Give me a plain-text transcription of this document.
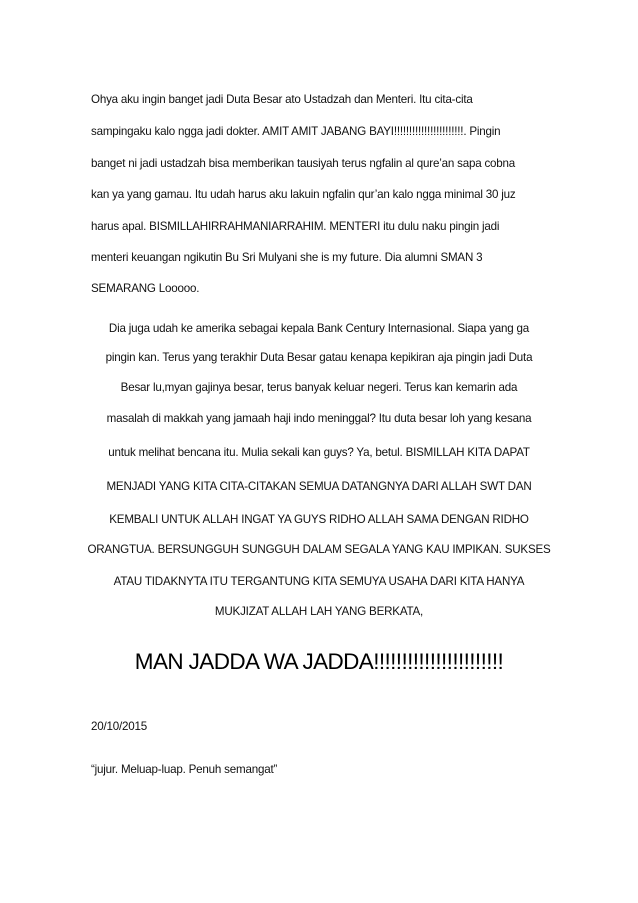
Ohya aku ingin banget jadi Duta Besar ato Ustadzah dan Menteri. Itu cita-cita
sampingaku kalo ngga jadi dokter. AMIT AMIT JABANG BAYI!!!!!!!!!!!!!!!!!!!!!!!. Pingin
banget ni jadi ustadzah bisa memberikan tausiyah terus ngfalin al qure’an sapa cobna
kan ya yang gamau. Itu udah harus aku lakuin ngfalin qur’an kalo ngga minimal 30 juz
harus apal. BISMILLAHIRRAHMANIARRAHIM. MENTERI itu dulu naku pingin jadi
menteri keuangan ngikutin Bu Sri Mulyani she is my future. Dia alumni SMAN 3
SEMARANG Looooo.
Dia juga udah ke amerika sebagai kepala Bank Century Internasional. Siapa yang ga
pingin kan. Terus yang terakhir Duta Besar gatau kenapa kepikiran aja pingin jadi Duta
Besar lu,myan gajinya besar, terus banyak keluar negeri. Terus kan kemarin ada
masalah di makkah yang jamaah haji indo meninggal? Itu duta besar loh yang kesana
untuk melihat bencana itu. Mulia sekali kan guys? Ya, betul. BISMILLAH KITA DAPAT
MENJADI YANG KITA CITA-CITAKAN SEMUA DATANGNYA DARI ALLAH SWT DAN
KEMBALI UNTUK ALLAH INGAT YA GUYS RIDHO ALLAH SAMA DENGAN RIDHO
ORANGTUA. BERSUNGGUH SUNGGUH DALAM SEGALA YANG KAU IMPIKAN. SUKSES
ATAU TIDAKNYTA ITU TERGANTUNG KITA SEMUYA USAHA DARI KITA HANYA
MUKJIZAT ALLAH LAH YANG BERKATA,
MAN JADDA WA JADDA!!!!!!!!!!!!!!!!!!!!!!!
20/10/2015
“jujur. Meluap-luap. Penuh semangat”
